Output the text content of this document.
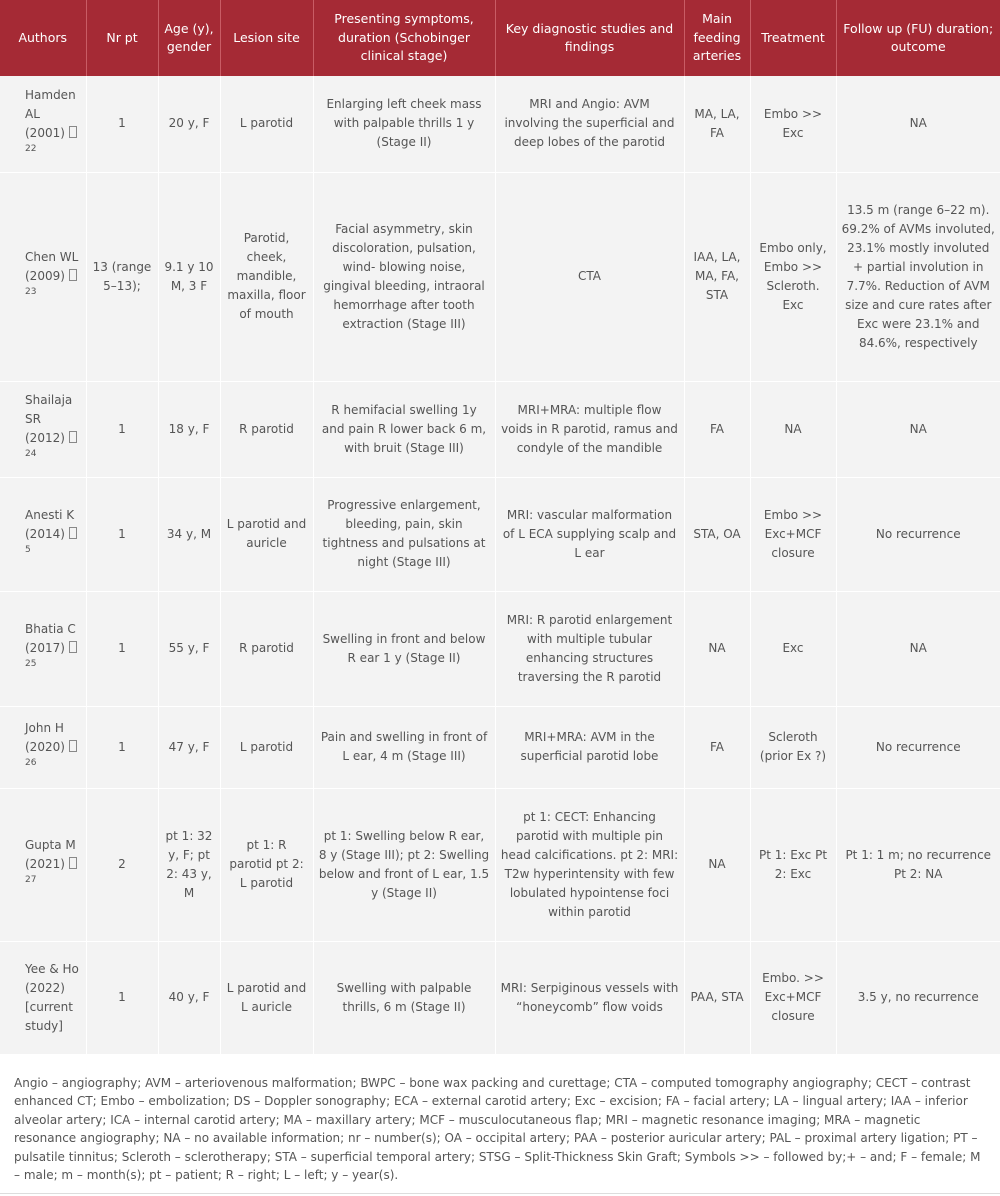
Authors	Nr pt	Age (y), gender	Lesion site	Presenting symptoms, duration (Schobinger clinical stage)	Key diagnostic studies and findings	Main feeding arteries	Treatment	Follow up (FU) duration; outcome
Hamden AL (2001) $^{22}$	1	20 y, F	L parotid	Enlarging left cheek mass with palpable thrills 1 y (Stage II)	MRI and Angio: AVM involving the superficial and deep lobes of the parotid	MA, LA, FA	Embo >> Exc	NA
Chen WL (2009) $^{23}$	13 (range 5–13);	9.1 y 10 M, 3 F	Parotid, cheek, mandible, maxilla, floor of mouth	Facial asymmetry, skin discoloration, pulsation, wind- blowing noise, gingival bleeding, intraoral hemorrhage after tooth extraction (Stage III)	CTA	IAA, LA, MA, FA, STA	Embo only, Embo >> Scleroth. Exc	13.5 m (range 6–22 m). 69.2% of AVMs involuted, 23.1% mostly involuted + partial involution in 7.7%. Reduction of AVM size and cure rates after Exc were 23.1% and 84.6%, respectively
Shailaja SR (2012) $^{24}$	1	18 y, F	R parotid	R hemifacial swelling 1y and pain R lower back 6 m, with bruit (Stage III)	MRI+MRA: multiple flow voids in R parotid, ramus and condyle of the mandible	FA	NA	NA
Anesti K (2014) $^5$	1	34 y, M	L parotid and auricle	Progressive enlargement, bleeding, pain, skin tightness and pulsations at night (Stage III)	MRI: vascular malformation of L ECA supplying scalp and L ear	STA, OA	Embo >> Exc+MCF closure	No recurrence
Bhatia C (2017) $^{25}$	1	55 y, F	R parotid	Swelling in front and below R ear 1 y (Stage II)	MRI: R parotid enlargement with multiple tubular enhancing structures traversing the R parotid	NA	Exc	NA
John H (2020) $^{26}$	1	47 y, F	L parotid	Pain and swelling in front of L ear, 4 m (Stage III)	MRI+MRA: AVM in the superficial parotid lobe	FA	Scleroth (prior Ex ?)	No recurrence
Gupta M (2021) $^{27}$	2	pt 1: 32 y, F; pt 2: 43 y, M	pt 1: R parotid pt 2: L parotid	pt 1: Swelling below R ear, 8 y (Stage III); pt 2: Swelling below and front of L ear, 1.5 y (Stage II)	pt 1: CECT: Enhancing parotid with multiple pin head calcifications. pt 2: MRI: T2w hyperintensity with few lobulated hypointense foci within parotid	NA	Pt 1: Exc Pt 2: Exc	Pt 1: 1 m; no recurrence Pt 2: NA
Yee & Ho (2022) [current study]	1	40 y, F	L parotid and L auricle	Swelling with palpable thrills, 6 m (Stage II)	MRI: Serpiginous vessels with “honeycomb” flow voids	PAA, STA	Embo. >> Exc+MCF closure	3.5 y, no recurrence
Angio – angiography; AVM – arteriovenous malformation; BWPC – bone wax packing and curettage; CTA – computed tomography angiography; CECT – contrast enhanced CT; Embo – embolization; DS – Doppler sonography; ECA – external carotid artery; Exc – excision; FA – facial artery; LA – lingual artery; IAA – inferior alveolar artery; ICA – internal carotid artery; MA – maxillary artery; MCF – musculocutaneous flap; MRI – magnetic resonance imaging; MRA – magnetic resonance angiography; NA – no available information; nr – number(s); OA – occipital artery; PAA – posterior auricular artery; PAL – proximal artery ligation; PT – pulsatile tinnitus; Scleroth – sclerotherapy; STA – superficial temporal artery; STSG – Split-Thickness Skin Graft; Symbols >> – followed by;+ – and; F – female; M – male; m – month(s); pt – patient; R – right; L – left; y – year(s).
